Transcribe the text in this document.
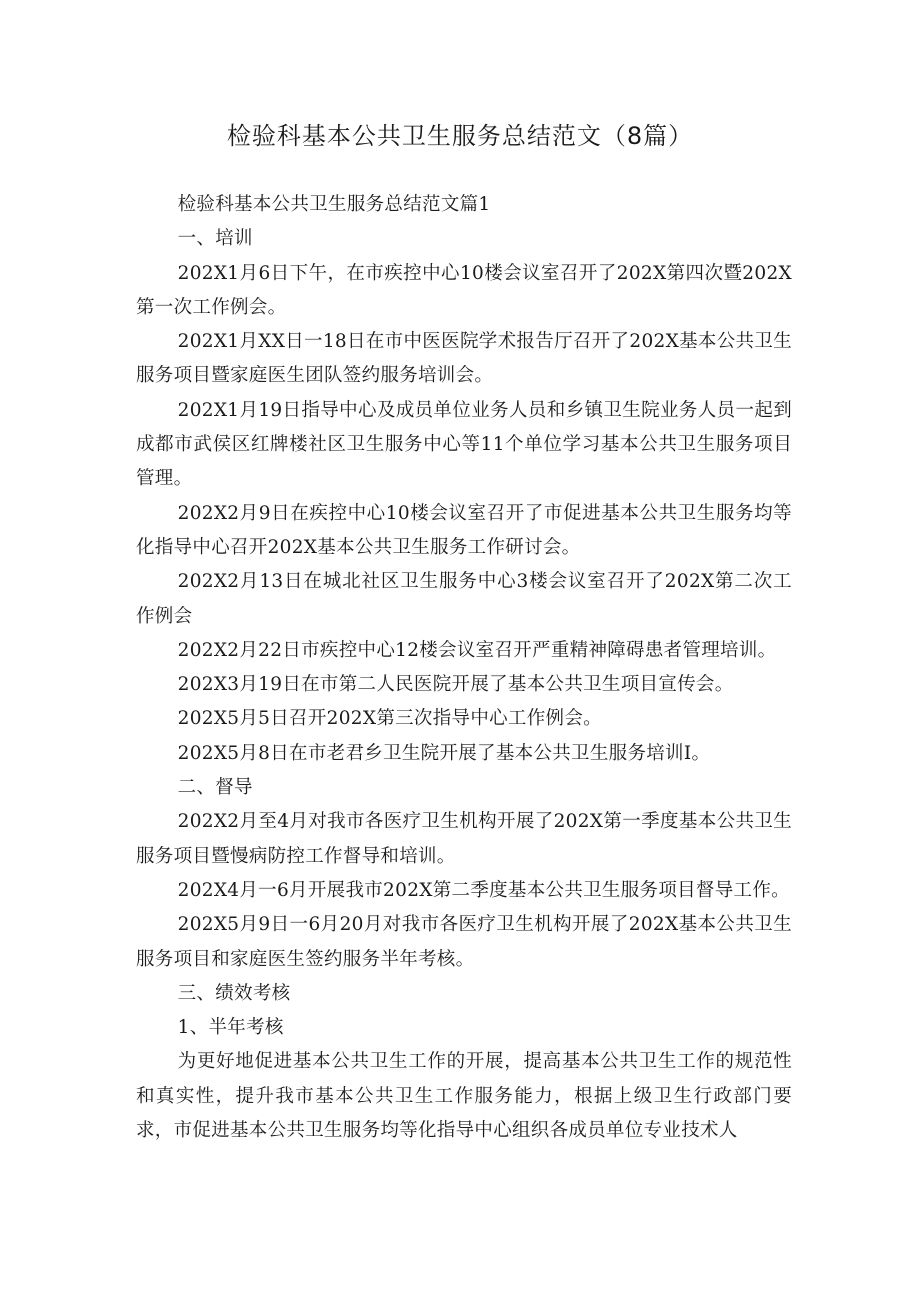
检验科基本公共卫生服务总结范文（8篇）

检验科基本公共卫生服务总结范文篇1

一、培训

202X1月6日下午，在市疾控中心10楼会议室召开了202X第四次暨202X第一次工作例会。

202X1月XX日一18日在市中医医院学术报告厅召开了202X基本公共卫生服务项目暨家庭医生团队签约服务培训会。

202X1月19日指导中心及成员单位业务人员和乡镇卫生院业务人员一起到成都市武侯区红牌楼社区卫生服务中心等11个单位学习基本公共卫生服务项目管理。

202X2月9日在疾控中心10楼会议室召开了市促进基本公共卫生服务均等化指导中心召开202X基本公共卫生服务工作研讨会。

202X2月13日在城北社区卫生服务中心3楼会议室召开了202X第二次工作例会

202X2月22日市疾控中心12楼会议室召开严重精神障碍患者管理培训。

202X3月19日在市第二人民医院开展了基本公共卫生项目宣传会。

202X5月5日召开202X第三次指导中心工作例会。

202X5月8日在市老君乡卫生院开展了基本公共卫生服务培训I。

二、督导

202X2月至4月对我市各医疗卫生机构开展了202X第一季度基本公共卫生服务项目暨慢病防控工作督导和培训。

202X4月一6月开展我市202X第二季度基本公共卫生服务项目督导工作。

202X5月9日一6月20月对我市各医疗卫生机构开展了202X基本公共卫生服务项目和家庭医生签约服务半年考核。

三、绩效考核

1、半年考核

为更好地促进基本公共卫生工作的开展，提高基本公共卫生工作的规范性和真实性，提升我市基本公共卫生工作服务能力，根据上级卫生行政部门要求，市促进基本公共卫生服务均等化指导中心组织各成员单位专业技术人
